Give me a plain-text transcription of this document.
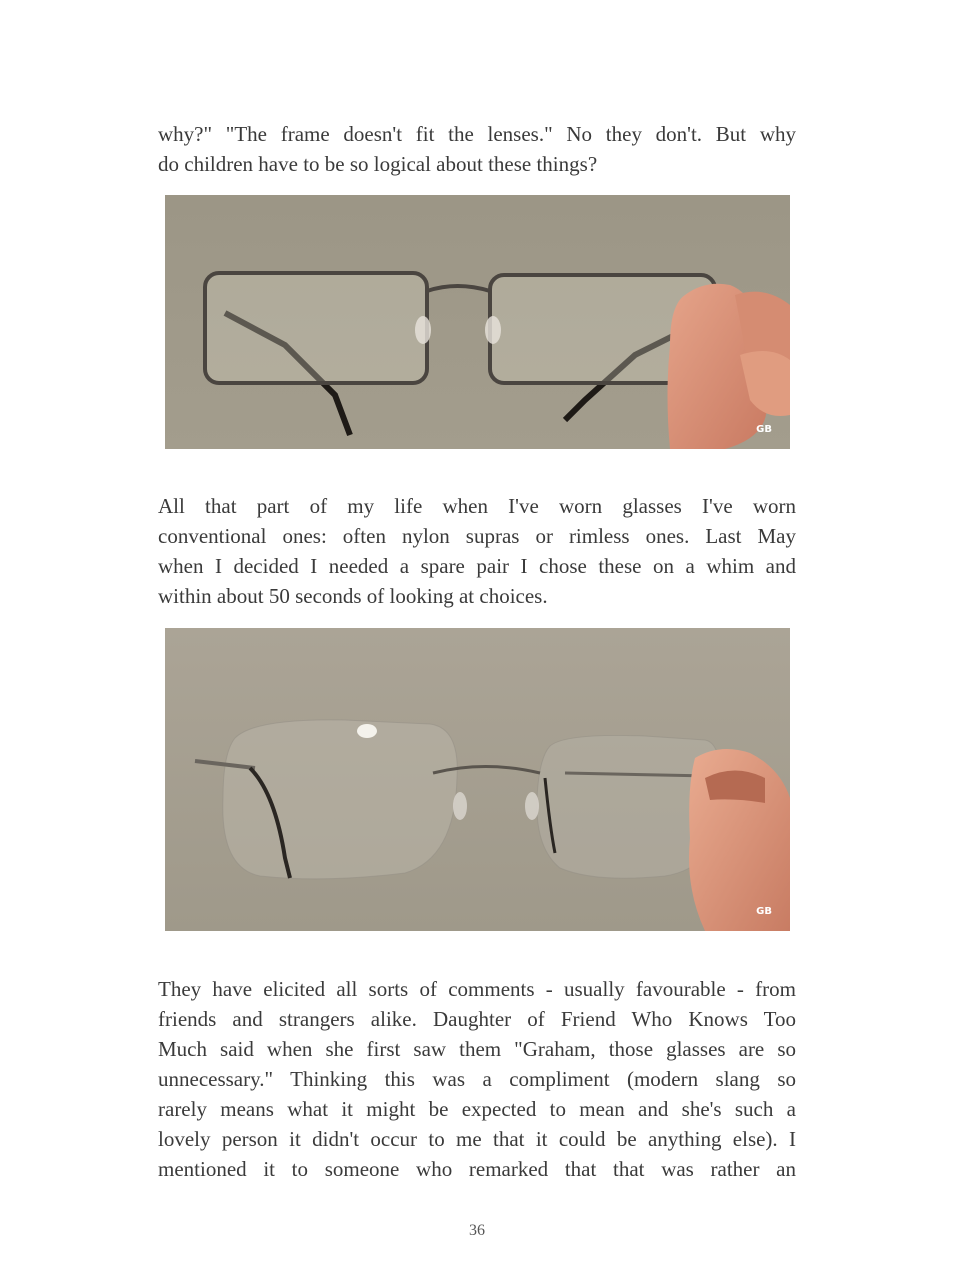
why?" "The frame doesn't fit the lenses." No they don't. But why
do children have to be so logical about these things?
GB
All that part of my life when I've worn glasses I've worn
conventional ones: often nylon supras or rimless ones. Last May
when I decided I needed a spare pair I chose these on a whim and
within about 50 seconds of looking at choices.
GB
They have elicited all sorts of comments - usually favourable - from
friends and strangers alike. Daughter of Friend Who Knows Too
Much said when she first saw them "Graham, those glasses are so
unnecessary." Thinking this was a compliment (modern slang so
rarely means what it might be expected to mean and she's such a
lovely person it didn't occur to me that it could be anything else). I
mentioned it to someone who remarked that that was rather an
36
